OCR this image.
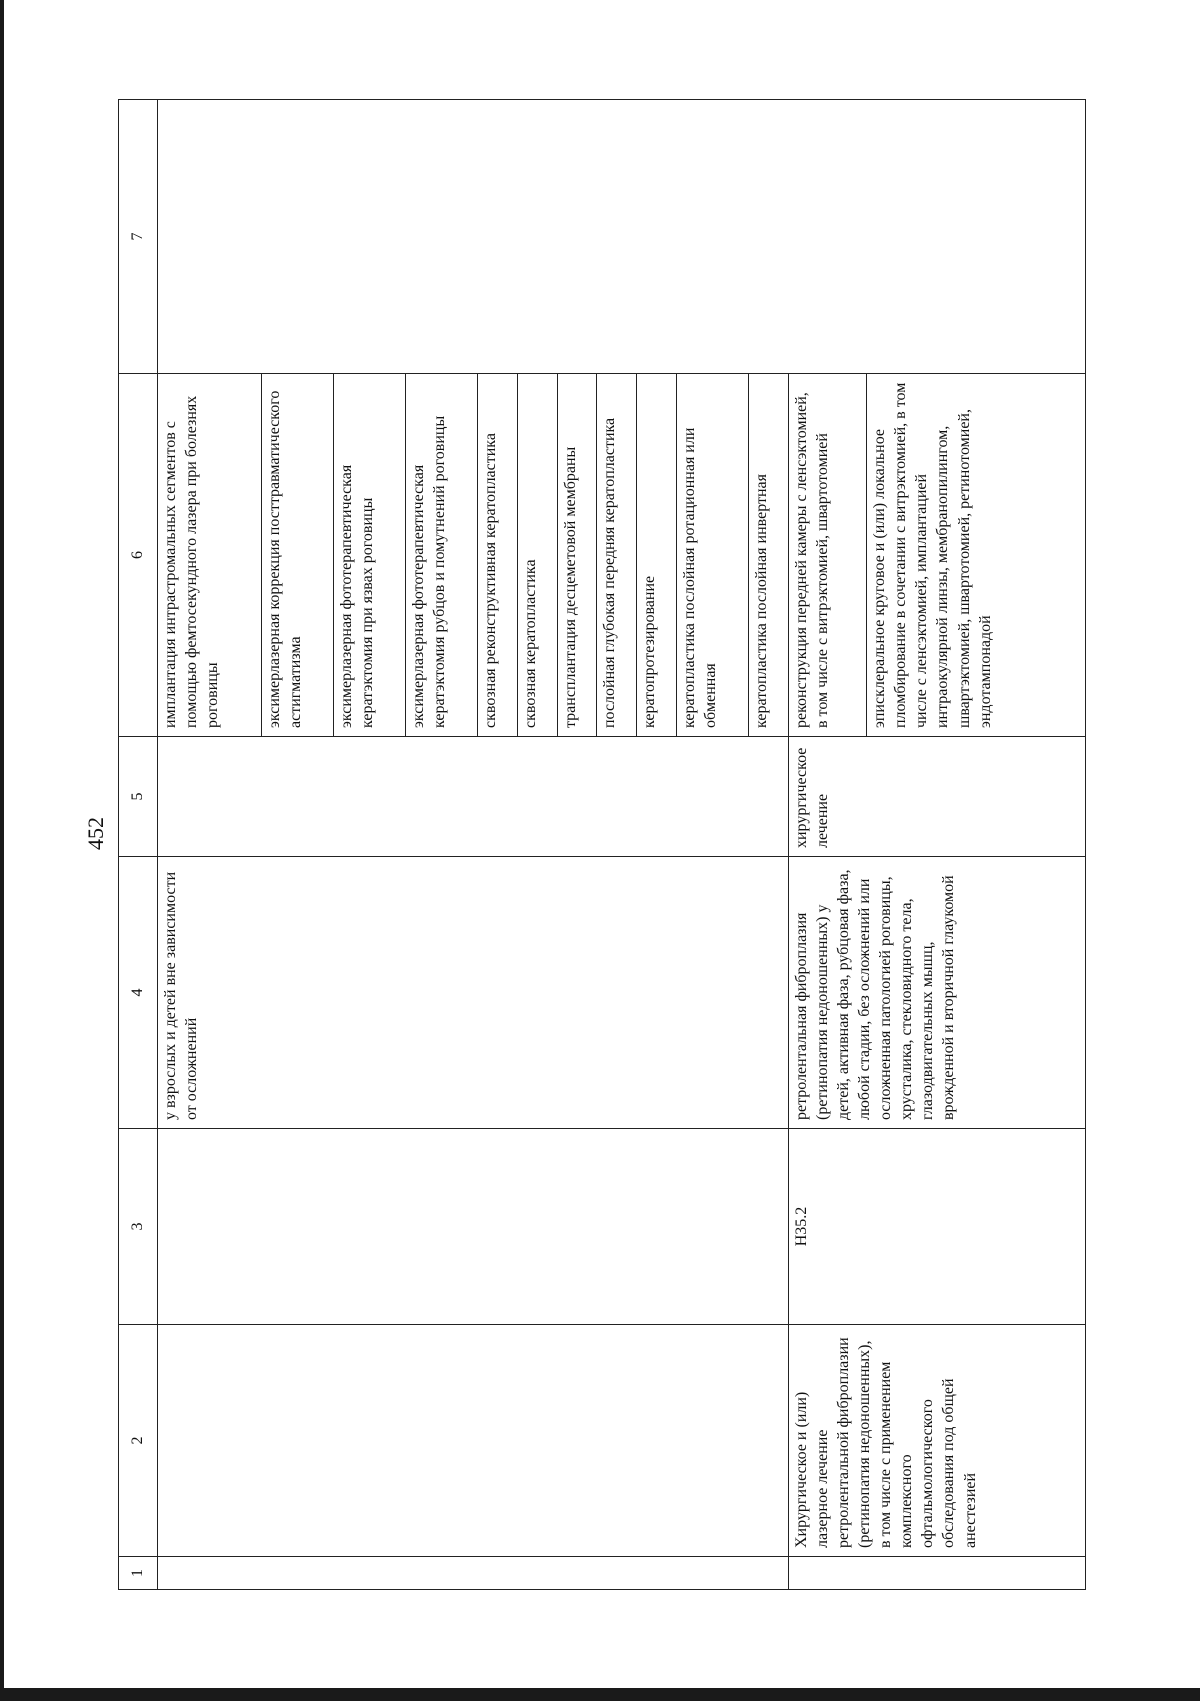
452
1	2	3	4	5	6	7
			у взрослых и детей вне зависимости от осложнений		имплантация интрастромальных сегментов с помощью фемтосекундного лазера при болезнях роговицы	
					эксимерлазерная коррекция посттравматического астигматизма	
					эксимерлазерная фототерапевтическая кератэктомия при язвах роговицы	
					эксимерлазерная фототерапевтическая кератэктомия рубцов и помутнений роговицы	
					сквозная реконструктивная кератопластика	
					сквозная кератопластика	
					трансплантация десцеметовой мембраны	
					послойная глубокая передняя кератопластика	
					кератопротезирование	
					кератопластика послойная ротационная или обменная	
					кератопластика послойная инвертная	
	Хирургическое и (или) лазерное лечение ретролентальной фиброплазии (ретинопатия недоношенных), в том числе с применением комплексного офтальмологического обследования под общей анестезией	H35.2	ретролентальная фиброплазия (ретинопатия недоношенных) у детей, активная фаза, рубцовая фаза, любой стадии, без осложнений или осложненная патологией роговицы, хрусталика, стекловидного тела, глазодвигательных мышц, врожденной и вторичной глаукомой	хирургическое лечение	реконструкция передней камеры с ленсэктомией, в том числе с витрэктомией, швартотомией	
					эписклеральное круговое и (или) локальное пломбирование в сочетании с витрэктомией, в том числе с ленсэктомией, имплантацией интраокулярной линзы, мембранопилингом, швартэктомией, швартотомией, ретинотомией, эндотампонадой	
